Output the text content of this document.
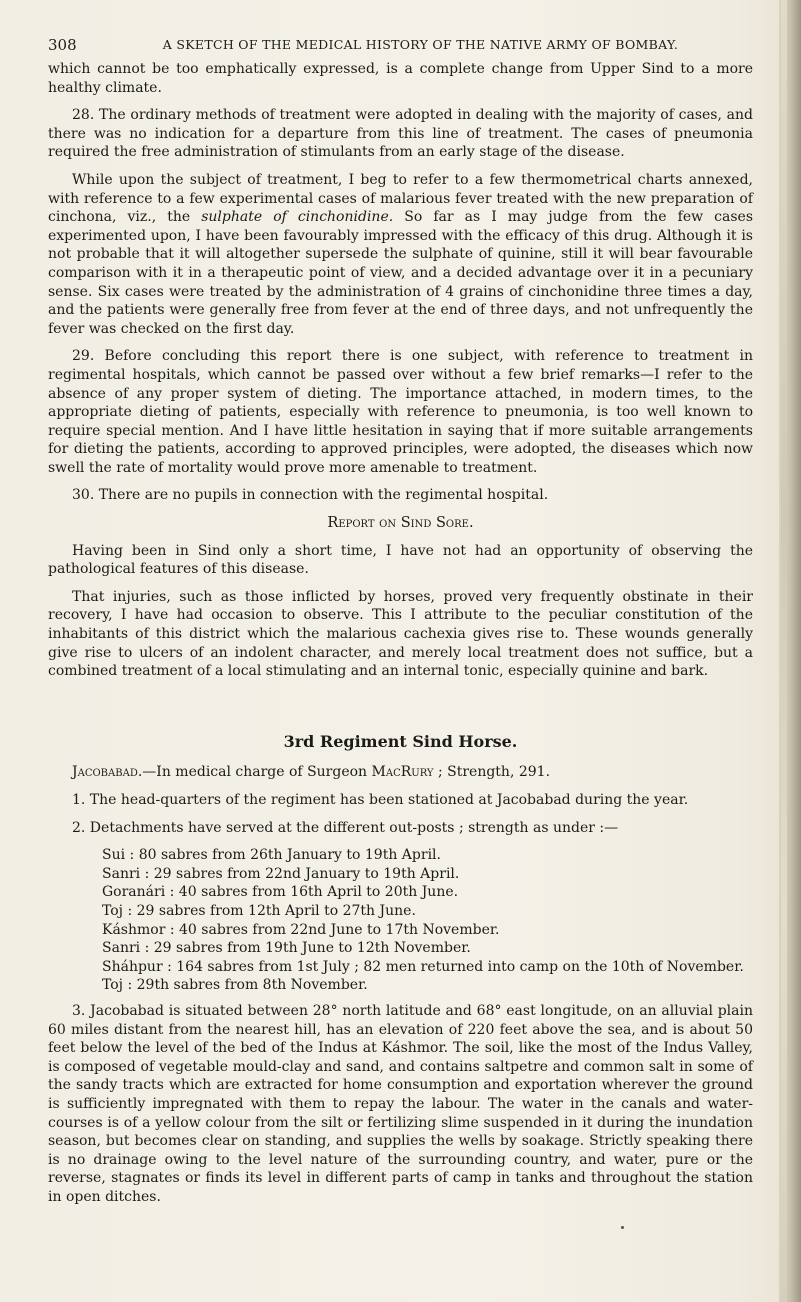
308	A SKETCH OF THE MEDICAL HISTORY OF THE NATIVE ARMY OF BOMBAY.

which cannot be too emphatically expressed, is a complete change from Upper Sind to a more healthy climate.

28. The ordinary methods of treatment were adopted in dealing with the majority of cases, and there was no indication for a departure from this line of treatment. The cases of pneumonia required the free administration of stimulants from an early stage of the disease.

While upon the subject of treatment, I beg to refer to a few thermometrical charts annexed, with reference to a few experimental cases of malarious fever treated with the new preparation of cinchona, viz., the sulphate of cinchonidine. So far as I may judge from the few cases experimented upon, I have been favourably impressed with the efficacy of this drug. Although it is not probable that it will altogether supersede the sulphate of quinine, still it will bear favourable comparison with it in a therapeutic point of view, and a decided advantage over it in a pecuniary sense. Six cases were treated by the administration of 4 grains of cinchonidine three times a day, and the patients were generally free from fever at the end of three days, and not unfrequently the fever was checked on the first day.

29. Before concluding this report there is one subject, with reference to treatment in regimental hospitals, which cannot be passed over without a few brief remarks—I refer to the absence of any proper system of dieting. The importance attached, in modern times, to the appropriate dieting of patients, especially with reference to pneumonia, is too well known to require special mention. And I have little hesitation in saying that if more suitable arrangements for dieting the patients, according to approved principles, were adopted, the diseases which now swell the rate of mortality would prove more amenable to treatment.

30. There are no pupils in connection with the regimental hospital.

Report on Sind Sore.

Having been in Sind only a short time, I have not had an opportunity of observing the pathological features of this disease.

That injuries, such as those inflicted by horses, proved very frequently obstinate in their recovery, I have had occasion to observe. This I attribute to the peculiar constitution of the inhabitants of this district which the malarious cachexia gives rise to. These wounds generally give rise to ulcers of an indolent character, and merely local treatment does not suffice, but a combined treatment of a local stimulating and an internal tonic, especially quinine and bark.

3rd Regiment Sind Horse.

Jacobabad.—In medical charge of Surgeon MacRury ; Strength, 291.

1. The head-quarters of the regiment has been stationed at Jacobabad during the year.

2. Detachments have served at the different out-posts ; strength as under :—

Sui : 80 sabres from 26th January to 19th April.
Sanri : 29 sabres from 22nd January to 19th April.
Goranári : 40 sabres from 16th April to 20th June.
Toj : 29 sabres from 12th April to 27th June.
Káshmor : 40 sabres from 22nd June to 17th November.
Sanri : 29 sabres from 19th June to 12th November.
Sháhpur : 164 sabres from 1st July ; 82 men returned into camp on the 10th of November.
Toj : 29th sabres from 8th November.

3. Jacobabad is situated between 28° north latitude and 68° east longitude, on an alluvial plain 60 miles distant from the nearest hill, has an elevation of 220 feet above the sea, and is about 50 feet below the level of the bed of the Indus at Káshmor. The soil, like the most of the Indus Valley, is composed of vegetable mould-clay and sand, and contains saltpetre and common salt in some of the sandy tracts which are extracted for home consumption and exportation wherever the ground is sufficiently impregnated with them to repay the labour. The water in the canals and water-courses is of a yellow colour from the silt or fertilizing slime suspended in it during the inundation season, but becomes clear on standing, and supplies the wells by soakage. Strictly speaking there is no drainage owing to the level nature of the surrounding country, and water, pure or the reverse, stagnates or finds its level in different parts of camp in tanks and throughout the station in open ditches.
